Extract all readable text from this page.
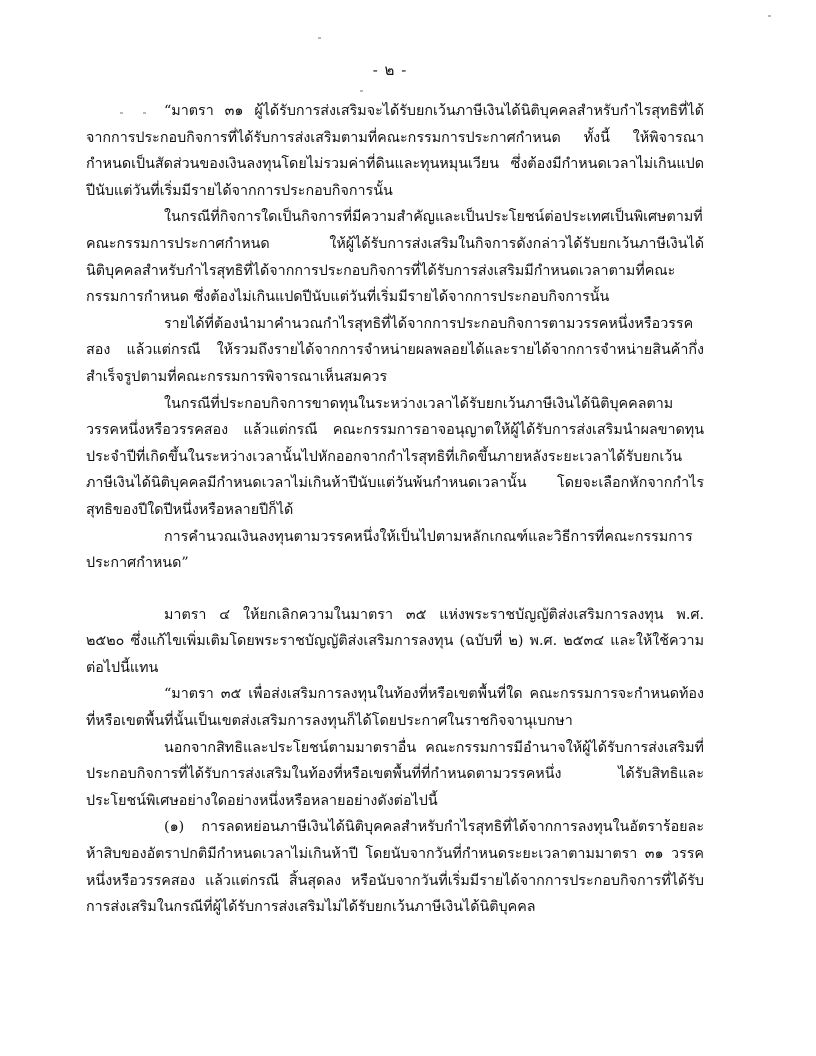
- ๒ -

“มาตรา ๓๑ ผู้ได้รับการส่งเสริมจะได้รับยกเว้นภาษีเงินได้นิติบุคคลสำหรับกำไรสุทธิที่ได้จากการประกอบกิจการที่ได้รับการส่งเสริมตามที่คณะกรรมการประกาศกำหนด ทั้งนี้ ให้พิจารณากำหนดเป็นสัดส่วนของเงินลงทุนโดยไม่รวมค่าที่ดินและทุนหมุนเวียน ซึ่งต้องมีกำหนดเวลาไม่เกินแปดปีนับแต่วันที่เริ่มมีรายได้จากการประกอบกิจการนั้น

ในกรณีที่กิจการใดเป็นกิจการที่มีความสำคัญและเป็นประโยชน์ต่อประเทศเป็นพิเศษตามที่คณะกรรมการประกาศกำหนด ให้ผู้ได้รับการส่งเสริมในกิจการดังกล่าวได้รับยกเว้นภาษีเงินได้นิติบุคคลสำหรับกำไรสุทธิที่ได้จากการประกอบกิจการที่ได้รับการส่งเสริมมีกำหนดเวลาตามที่คณะกรรมการกำหนด ซึ่งต้องไม่เกินแปดปีนับแต่วันที่เริ่มมีรายได้จากการประกอบกิจการนั้น

รายได้ที่ต้องนำมาคำนวณกำไรสุทธิที่ได้จากการประกอบกิจการตามวรรคหนึ่งหรือวรรคสอง แล้วแต่กรณี ให้รวมถึงรายได้จากการจำหน่ายผลพลอยได้และรายได้จากการจำหน่ายสินค้ากึ่งสำเร็จรูปตามที่คณะกรรมการพิจารณาเห็นสมควร

ในกรณีที่ประกอบกิจการขาดทุนในระหว่างเวลาได้รับยกเว้นภาษีเงินได้นิติบุคคลตามวรรคหนึ่งหรือวรรคสอง แล้วแต่กรณี คณะกรรมการอาจอนุญาตให้ผู้ได้รับการส่งเสริมนำผลขาดทุนประจำปีที่เกิดขึ้นในระหว่างเวลานั้นไปหักออกจากกำไรสุทธิที่เกิดขึ้นภายหลังระยะเวลาได้รับยกเว้นภาษีเงินได้นิติบุคคลมีกำหนดเวลาไม่เกินห้าปีนับแต่วันพ้นกำหนดเวลานั้น โดยจะเลือกหักจากกำไรสุทธิของปีใดปีหนึ่งหรือหลายปีก็ได้

การคำนวณเงินลงทุนตามวรรคหนึ่งให้เป็นไปตามหลักเกณฑ์และวิธีการที่คณะกรรมการประกาศกำหนด”

มาตรา ๔ ให้ยกเลิกความในมาตรา ๓๕ แห่งพระราชบัญญัติส่งเสริมการลงทุน พ.ศ. ๒๕๒๐ ซึ่งแก้ไขเพิ่มเติมโดยพระราชบัญญัติส่งเสริมการลงทุน (ฉบับที่ ๒) พ.ศ. ๒๕๓๔ และให้ใช้ความต่อไปนี้แทน

“มาตรา ๓๕ เพื่อส่งเสริมการลงทุนในท้องที่หรือเขตพื้นที่ใด คณะกรรมการจะกำหนดท้องที่หรือเขตพื้นที่นั้นเป็นเขตส่งเสริมการลงทุนก็ได้โดยประกาศในราชกิจจานุเบกษา

นอกจากสิทธิและประโยชน์ตามมาตราอื่น คณะกรรมการมีอำนาจให้ผู้ได้รับการส่งเสริมที่ประกอบกิจการที่ได้รับการส่งเสริมในท้องที่หรือเขตพื้นที่ที่กำหนดตามวรรคหนึ่ง ได้รับสิทธิและประโยชน์พิเศษอย่างใดอย่างหนึ่งหรือหลายอย่างดังต่อไปนี้

(๑) การลดหย่อนภาษีเงินได้นิติบุคคลสำหรับกำไรสุทธิที่ได้จากการลงทุนในอัตราร้อยละห้าสิบของอัตราปกติมีกำหนดเวลาไม่เกินห้าปี โดยนับจากวันที่กำหนดระยะเวลาตามมาตรา ๓๑ วรรคหนึ่งหรือวรรคสอง แล้วแต่กรณี สิ้นสุดลง หรือนับจากวันที่เริ่มมีรายได้จากการประกอบกิจการที่ได้รับการส่งเสริมในกรณีที่ผู้ได้รับการส่งเสริมไม่ได้รับยกเว้นภาษีเงินได้นิติบุคคล
